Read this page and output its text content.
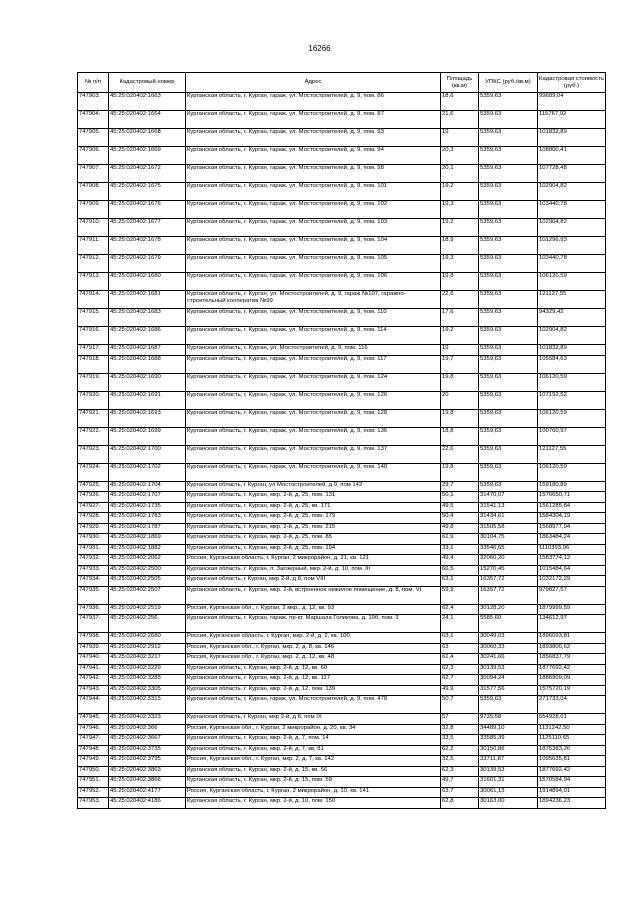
16266
№ п/п	Кадастровый номер	Адрес	Площадь (кв.м)	УПКС (руб./кв.м)	Кадастровая стоимость (руб.)
747903.	45:25:020402:1663	Курганская область, г. Курган, гараж, ул. Мостостроителей, д. 9, пом. 86	18,6	5359,63	99689,04
747904.	45:25:020402:1664	Курганская область, г. Курган, гараж, ул. Мостостроителей, д. 9, пом. 87	21,6	5359,63	115767,92
747905.	45:25:020402:1668	Курганская область, г. Курган, гараж, ул. Мостостроителей, д. 9, пом. 93	19	5359,63	101832,89
747906.	45:25:020402:1669	Курганская область, г. Курган, гараж, ул. Мостостроителей, д. 9, пом. 94	20,3	5359,63	108800,41
747907.	45:25:020402:1672	Курганская область, г. Курган, гараж, ул. Мостостроителей, д. 9, пом. 98	20,1	5359,63	107728,48
747908.	45:25:020402:1675	Курганская область, г. Курган, гараж, ул. Мостостроителей, д. 9, пом. 101	19,2	5359,63	102904,82
747909.	45:25:020402:1676	Курганская область, г. Курган, гараж, ул. Мостостроителей, д. 9, пом. 102	19,3	5359,63	103440,78
747910.	45:25:020402:1677	Курганская область, г. Курган, гараж, ул. Мостостроителей, д. 9, пом. 103	19,2	5359,63	102904,82
747911.	45:25:020402:1678	Курганская область, г. Курган, гараж, ул. Мостостроителей, д. 9, пом. 104	18,9	5359,63	101296,93
747912.	45:25:020402:1679	Курганская область, г. Курган, гараж, ул. Мостостроителей, д. 9, пом. 105	19,3	5359,63	103440,78
747913.	45:25:020402:1680	Курганская область, г. Курган, гараж, ул. Мостостроителей, д. 9, пом. 106	19,8	5359,63	106120,59
747914.	45:25:020402:1681	Курганская область, г. Курган, ул. Мостостроителей, д. 9, гараж №107, гаражно-строительный кооператив №99	22,6	5359,63	121127,55
747915.	45:25:020402:1683	Курганская область, г. Курган, гараж, ул. Мостостроителей, д. 9, пом. 110	17,6	5359,63	94329,42
747916.	45:25:020402:1686	Курганская область, г. Курган, гараж, ул. Мостостроителей, д. 9, пом. 114	19,2	5359,63	102904,82
747917.	45:25:020402:1687	Курганская область, г. Курган, ул. Мостостроителей, д. 9, пом. 116	19	5359,63	101832,89
747918.	45:25:020402:1688	Курганская область, г. Курган, гараж, ул. Мостостроителей, д. 9, пом. 117	19,7	5359,63	105584,63
747919.	45:25:020402:1690	Курганская область, г. Курган, гараж, ул. Мостостроителей, д. 9, пом. 124	19,8	5359,63	106120,59
747920.	45:25:020402:1691	Курганская область, г. Курган, гараж, ул. Мостостроителей, д. 9, пом. 126	20	5359,63	107192,52
747921.	45:25:020402:1693	Курганская область, г. Курган, гараж, ул. Мостостроителей, д. 9, пом. 128	19,8	5359,63	106120,59
747922.	45:25:020402:1699	Курганская область, г. Курган, гараж, ул. Мостостроителей, д. 9, пом. 136	18,8	5359,63	100760,97
747923.	45:25:020402:1700	Курганская область, г. Курган, гараж, ул. Мостостроителей, д. 9, пом. 137	22,6	5359,63	121127,55
747924.	45:25:020402:1702	Курганская область, г. Курган, гараж, ул. Мостостроителей, д. 9, пом. 140	19,8	5359,63	106120,59
747925.	45:25:020402:1704	Курганская область, г Курган, ул Мостостроителей, д 9, пом 142	29,7	5359,63	159180,89
747926.	45:25:020402:1707	Курганская область, г. Курган, мкр. 2-й, д. 25, пом. 131	50,1	31470,07	1576650,71
747927.	45:25:020402:1735	Курганская область, г. Курган, мкр. 2-й, д. 25, кв. 171	49,5	31541,13	1561285,84
747928.	45:25:020402:1783	Курганская область, г. Курган, мкр. 2-й, д. 25, пом. 179	50,4	31434,61	1584304,19
747929.	45:25:020402:1787	Курганская область, г. Курган, мкр. 2-й, д. 25, пом. 215	49,8	31505,58	1568977,94
747930.	45:25:020402:1869	Курганская область, г. Курган, мкр. 2-й, д. 25, пом. 85	61,9	30104,75	1863484,24
747931.	45:25:020402:1882	Курганская область, г. Курган, мкр. 2-й, д. 25, пом. 194	33,1	33546,65	1110393,96
747932.	45:25:020402:2062	Россия, Курганская область, г. Курган, 2 микрорайон, д. 21, кв. 121	49,4	32060,20	1583774,12
747933.	45:25:020402:2500	Курганская область, г. Курган, п. Заозерный, мкр. 2-й, д. 10, пом. III	66,5	15270,45	1015484,64
747934.	45:25:020402:2505	Курганская область, г Курган, мкр 2-й, д 8, пом VIII	63,1	16357,72	1032172,29
747935.	45:25:020402:2507	Курганская область, г. Курган, мкр. 2-й, встроенное нежилое помещение, д. 8, пом. VI	59,9	16357,72	979827,57
747936.	45:25:020402:2519	Россия, Курганская обл., г. Курган, 2 мкр., д. 12, кв. 93	62,4	30128,20	1879999,59
747937.	45:25:020402:256	Курганская область, г. Курган, гараж, пр-кт. Маршала Голикова, д. 19б, пом. 3	24,1	5585,60	134612,97
747938.	45:25:020402:2680	Россия, Курганская область, г. Курган, мкр. 2-й, д. 2, кв. 100	63,1	30049,03	1896093,81
747939.	45:25:020402:2912	Россия, Курганская обл., г. Курган, мкр. 2, д. 8, кв. 146	63	30060,33	1893800,62
747940.	45:25:020402:3217	Россия, Курганская обл., г. Курган, мкр. 2, д. 12, кв. 48	61,4	30241,66	1856837,79
747941.	45:25:020402:3229	Курганская область, г. Курган, мкр. 2-й, д. 12, кв. 60	62,3	30139,53	1877692,42
747942.	45:25:020402:3283	Курганская область, г. Курган, мкр. 2-й, д. 12, кв. 117	62,7	30094,24	1886909,09
747943.	45:25:020402:3305	Курганская область, г. Курган, мкр. 2-й, д. 12, пом. 139	49,9	31577,56	1575720,19
747944.	45:25:020402:3315	Курганская область, г. Курган, гараж, ул. Мостостроителей, д. 9, пом. 478	50,7	5359,63	271733,04
747945.	45:25:020402:3323	Курганская область, г Курган, мкр 2-й, д 8, пом IX	57	9735,58	554928,01
747946.	45:25:020402:366	Россия, Курганская обл., г. Курган, 2 микрорайон, д. 20, кв. 34	32,8	34489,10	1131242,50
747947.	45:25:020402:3667	Курганская область, г. Курган, мкр. 2-й, д. 7, пом. 14	33,5	33585,39	1125110,65
747948.	45:25:020402:3735	Курганская область, г. Курган, мкр. 2-й, д. 7, кв. 81	62,2	30150,86	1875383,26
747949.	45:25:020402:3795	Россия, Курганская обл., г. Курган, мкр. 2, д. 7, кв. 142	32,5	33711,87	1095635,81
747950.	45:25:020402:3863	Курганская область, г. Курган, мкр. 2-й, д. 15, кв. 56	62,3	30139,53	1877692,42
747951.	45:25:020402:3866	Курганская область, г. Курган, мкр. 2-й, д. 15, пом. 59	49,7	31601,31	1570584,94
747952.	45:25:020402:4177	Россия, Курганская область, г. Курган, 2 микрорайон, д. 10, кв. 141	63,7	30061,13	1914894,01
747953.	45:25:020402:4186	Курганская область, г. Курган, мкр. 2-й, д. 10, пом. 150	62,8	30163,00	1894236,23
